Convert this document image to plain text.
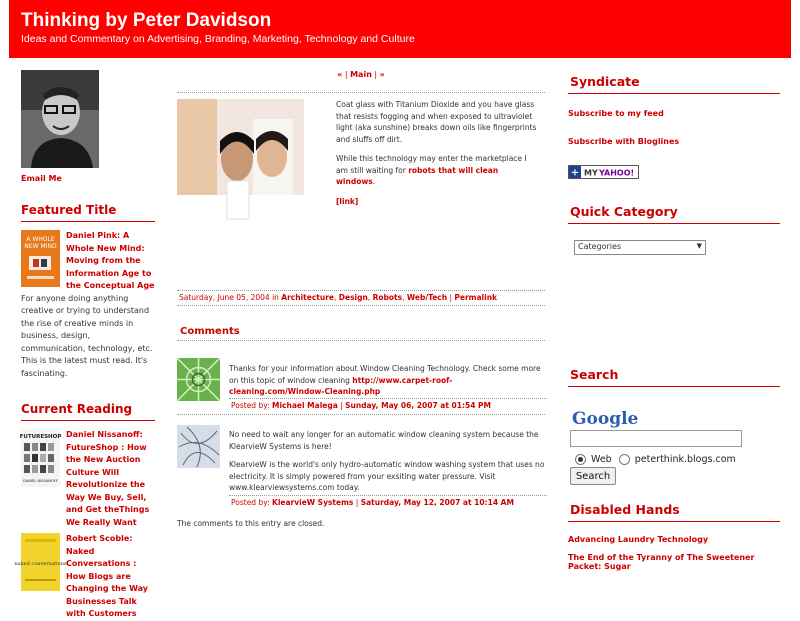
Thinking by Peter Davidson
Ideas and Commentary on Advertising, Branding, Marketing, Technology and Culture
Email Me
Featured Title
A WHOLE
NEW MIND
Daniel Pink: A Whole New Mind: Moving from the Information Age to the Conceptual Age
For anyone doing anything creative or trying to understand the rise of creative minds in business, design, communication, technology, etc. This is the latest must read. It's fascinating.
Current Reading
FUTURESHOP
DANIEL NISSANOFF
Daniel Nissanoff: FutureShop : How the New Auction Culture Will Revolutionize the Way We Buy, Sell, and Get theThings We Really Want
naked conversations
Robert Scoble: Naked Conversations : How Blogs are Changing the Way Businesses Talk with Customers
« | Main | »

Coat glass with Titanium Dioxide and you have glass that resists fogging and when exposed to ultraviolet light (aka sunshine) breaks down oils like fingerprints and sluffs off dirt.

While this technology may enter the marketplace I am still waiting for robots that will clean windows.

[link]

Saturday, June 05, 2004 in Architecture, Design, Robots, Web/Tech | Permalink
Comments
Thanks for your information about Window Cleaning Technology. Check some more on this topic of window cleaning http://www.carpet-roof-cleaning.com/Window-Cleaning.php
Posted by: Michael Malega | Sunday, May 06, 2007 at 01:54 PM

No need to wait any longer for an automatic window cleaning system because the KlearvieW Systems is here!

KlearvieW is the world's only hydro-automatic window washing system that uses no electricity. It is simply powered from your exsiting water pressure. Visit www.klearviewsystems.com today.

Posted by: KlearvieW Systems | Saturday, May 12, 2007 at 10:14 AM
The comments to this entry are closed.
Syndicate
Subscribe to my feed
Subscribe with Bloglines
+ MY YAHOO!
Quick Category
Categories	▼
Search
Google
Web peterthink.blogs.com
Search
Disabled Hands
Advancing Laundry Technology
The End of the Tyranny of The Sweetener Packet: Sugar
